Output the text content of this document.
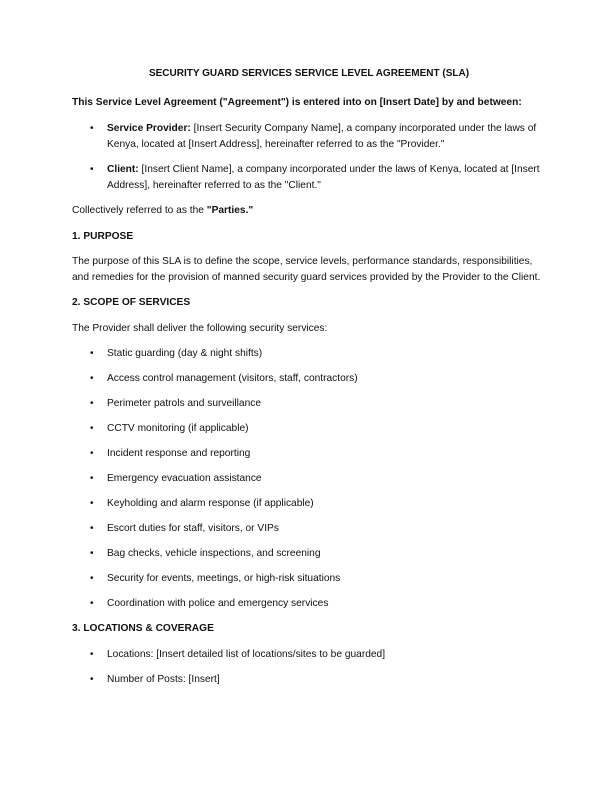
SECURITY GUARD SERVICES SERVICE LEVEL AGREEMENT (SLA)

This Service Level Agreement ("Agreement") is entered into on [Insert Date] by and between:

• Service Provider: [Insert Security Company Name], a company incorporated under the laws of Kenya, located at [Insert Address], hereinafter referred to as the "Provider."
• Client: [Insert Client Name], a company incorporated under the laws of Kenya, located at [Insert Address], hereinafter referred to as the "Client."

Collectively referred to as the "Parties."

1. PURPOSE

The purpose of this SLA is to define the scope, service levels, performance standards, responsibilities, and remedies for the provision of manned security guard services provided by the Provider to the Client.

2. SCOPE OF SERVICES

The Provider shall deliver the following security services:

• Static guarding (day & night shifts)
• Access control management (visitors, staff, contractors)
• Perimeter patrols and surveillance
• CCTV monitoring (if applicable)
• Incident response and reporting
• Emergency evacuation assistance
• Keyholding and alarm response (if applicable)
• Escort duties for staff, visitors, or VIPs
• Bag checks, vehicle inspections, and screening
• Security for events, meetings, or high-risk situations
• Coordination with police and emergency services

3. LOCATIONS & COVERAGE

• Locations: [Insert detailed list of locations/sites to be guarded]
• Number of Posts: [Insert]
